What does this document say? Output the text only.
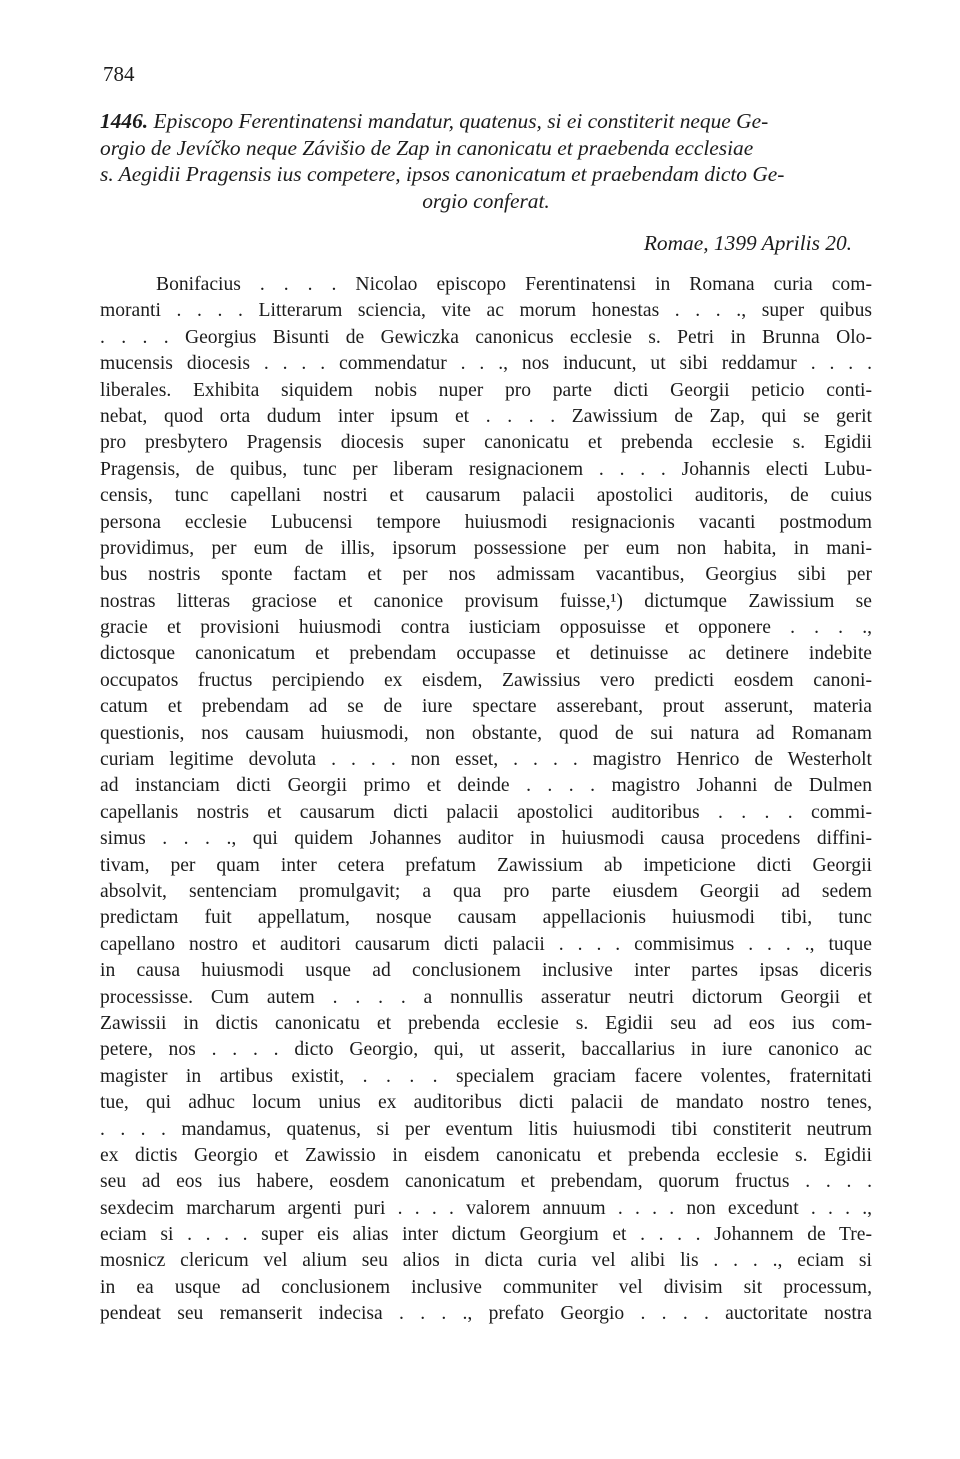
784
1446. Episcopo Ferentinatensi mandatur, quatenus, si ei constiterit neque Ge-
orgio de Jevíčko neque Závišio de Zap in canonicatu et praebenda ecclesiae
s. Aegidii Pragensis ius competere, ipsos canonicatum et praebendam dicto Ge-
orgio conferat.
Romae, 1399 Aprilis 20.
Bonifacius . . . . Nicolao episcopo Ferentinatensi in Romana curia com-
moranti . . . . Litterarum sciencia, vite ac morum honestas . . . ., super quibus
. . . . Georgius Bisunti de Gewiczka canonicus ecclesie s. Petri in Brunna Olo-
mucensis diocesis . . . . commendatur . . ., nos inducunt, ut sibi reddamur . . . .
liberales. Exhibita siquidem nobis nuper pro parte dicti Georgii peticio conti-
nebat, quod orta dudum inter ipsum et . . . . Zawissium de Zap, qui se gerit
pro presbytero Pragensis diocesis super canonicatu et prebenda ecclesie s. Egidii
Pragensis, de quibus, tunc per liberam resignacionem . . . . Johannis electi Lubu-
censis, tunc capellani nostri et causarum palacii apostolici auditoris, de cuius
persona ecclesie Lubucensi tempore huiusmodi resignacionis vacanti postmodum
providimus, per eum de illis, ipsorum possessione per eum non habita, in mani-
bus nostris sponte factam et per nos admissam vacantibus, Georgius sibi per
nostras litteras graciose et canonice provisum fuisse,¹) dictumque Zawissium se
gracie et provisioni huiusmodi contra iusticiam opposuisse et opponere . . . .,
dictosque canonicatum et prebendam occupasse et detinuisse ac detinere indebite
occupatos fructus percipiendo ex eisdem, Zawissius vero predicti eosdem canoni-
catum et prebendam ad se de iure spectare asserebant, prout asserunt, materia
questionis, nos causam huiusmodi, non obstante, quod de sui natura ad Romanam
curiam legitime devoluta . . . . non esset, . . . . magistro Henrico de Westerholt
ad instanciam dicti Georgii primo et deinde . . . . magistro Johanni de Dulmen
capellanis nostris et causarum dicti palacii apostolici auditoribus . . . . commi-
simus . . . ., qui quidem Johannes auditor in huiusmodi causa procedens diffini-
tivam, per quam inter cetera prefatum Zawissium ab impeticione dicti Georgii
absolvit, sentenciam promulgavit; a qua pro parte eiusdem Georgii ad sedem
predictam fuit appellatum, nosque causam appellacionis huiusmodi tibi, tunc
capellano nostro et auditori causarum dicti palacii . . . . commisimus . . . ., tuque
in causa huiusmodi usque ad conclusionem inclusive inter partes ipsas diceris
processisse. Cum autem . . . . a nonnullis asseratur neutri dictorum Georgii et
Zawissii in dictis canonicatu et prebenda ecclesie s. Egidii seu ad eos ius com-
petere, nos . . . . dicto Georgio, qui, ut asserit, baccallarius in iure canonico ac
magister in artibus existit, . . . . specialem graciam facere volentes, fraternitati
tue, qui adhuc locum unius ex auditoribus dicti palacii de mandato nostro tenes,
. . . . mandamus, quatenus, si per eventum litis huiusmodi tibi constiterit neutrum
ex dictis Georgio et Zawissio in eisdem canonicatu et prebenda ecclesie s. Egidii
seu ad eos ius habere, eosdem canonicatum et prebendam, quorum fructus . . . .
sexdecim marcharum argenti puri . . . . valorem annuum . . . . non excedunt . . . .,
eciam si . . . . super eis alias inter dictum Georgium et . . . . Johannem de Tre-
mosnicz clericum vel alium seu alios in dicta curia vel alibi lis . . . ., eciam si
in ea usque ad conclusionem inclusive communiter vel divisim sit processum,
pendeat seu remanserit indecisa . . . ., prefato Georgio . . . . auctoritate nostra
